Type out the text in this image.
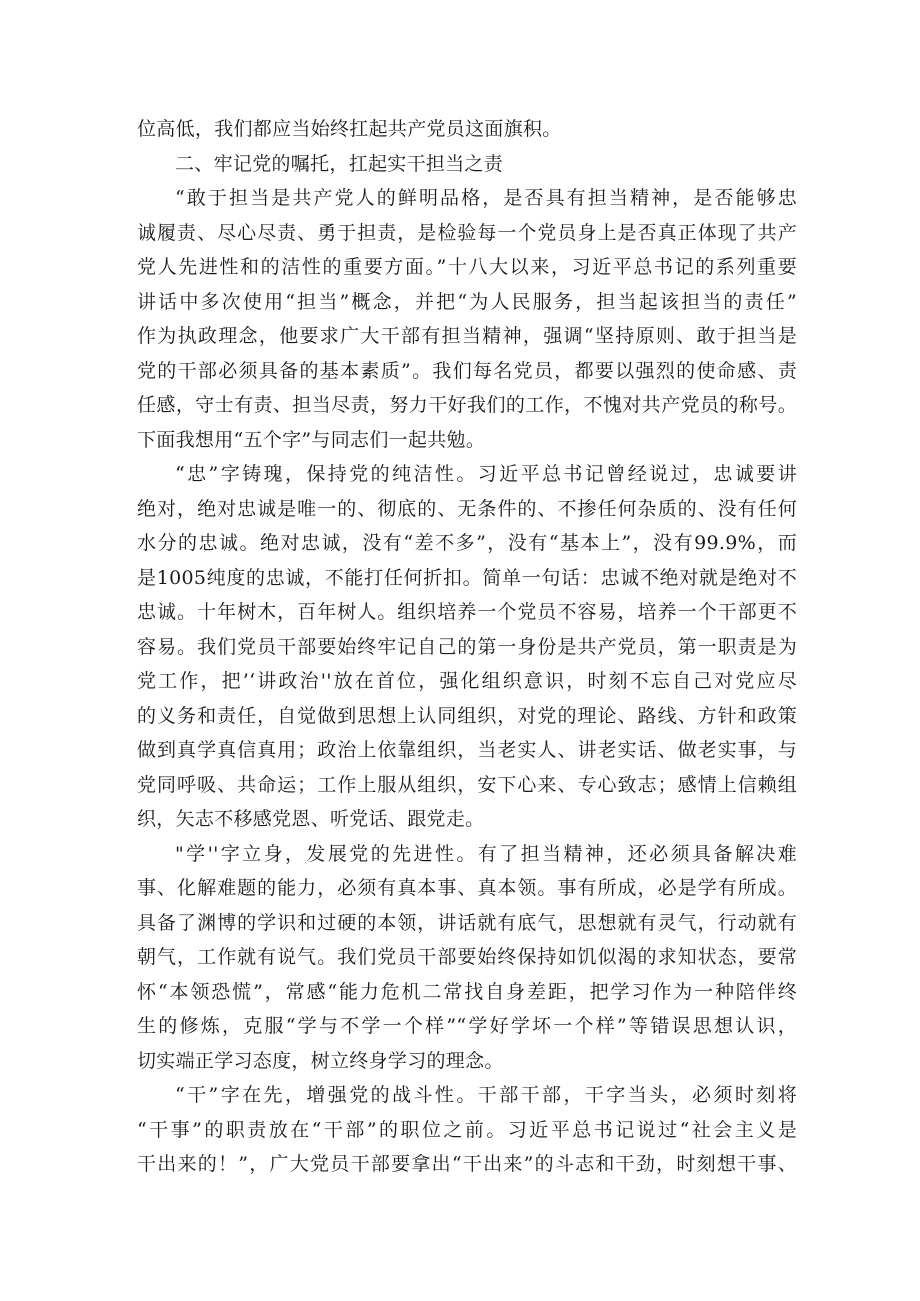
位高低，我们都应当始终扛起共产党员这面旗积。
二、牢记党的嘱托，扛起实干担当之责
“敢于担当是共产党人的鲜明品格，是否具有担当精神，是否能够忠
诚履责、尽心尽责、勇于担责，是检验每一个党员身上是否真正体现了共产
党人先进性和的洁性的重要方面。”十八大以来，习近平总书记的系列重要
讲话中多次使用“担当”概念，并把“为人民服务，担当起该担当的责任”
作为执政理念，他要求广大干部有担当精神，强调“坚持原则、敢于担当是
党的干部必须具备的基本素质”。我们每名党员，都要以强烈的使命感、责
任感，守士有责、担当尽责，努力干好我们的工作，不愧对共产党员的称号。
下面我想用“五个字”与同志们一起共勉。
“忠”字铸瑰，保持党的纯洁性。习近平总书记曾经说过，忠诚要讲
绝对，绝对忠诚是唯一的、彻底的、无条件的、不掺任何杂质的、没有任何
水分的忠诚。绝对忠诚，没有“差不多”，没有“基本上”，没有99.9%，而
是1005纯度的忠诚，不能打任何折扣。简单一句话：忠诚不绝对就是绝对不
忠诚。十年树木，百年树人。组织培养一个党员不容易，培养一个干部更不
容易。我们党员干部要始终牢记自己的第一身份是共产党员，第一职责是为
党工作，把’‘讲政治''放在首位，强化组织意识，时刻不忘自己对党应尽
的义务和责任，自觉做到思想上认同组织，对党的理论、路线、方针和政策
做到真学真信真用；政治上依靠组织，当老实人、讲老实话、做老实事，与
党同呼吸、共命运；工作上服从组织，安下心来、专心致志；感情上信赖组
织，矢志不移感党恩、听党话、跟党走。
"学''字立身，发展党的先进性。有了担当精神，还必须具备解决难
事、化解难题的能力，必须有真本事、真本领。事有所成，必是学有所成。
具备了渊博的学识和过硬的本领，讲话就有底气，思想就有灵气，行动就有
朝气，工作就有说气。我们党员干部要始终保持如饥似渴的求知状态，要常
怀“本领恐慌”，常感“能力危机二常找自身差距，把学习作为一种陪伴终
生的修炼，克服“学与不学一个样”“学好学坏一个样”等错误思想认识，
切实端正学习态度，树立终身学习的理念。
“干”字在先，增强党的战斗性。干部干部，干字当头，必须时刻将
“干事”的职责放在“干部”的职位之前。习近平总书记说过“社会主义是
干出来的！”，广大党员干部要拿出“干出来”的斗志和干劲，时刻想干事、
